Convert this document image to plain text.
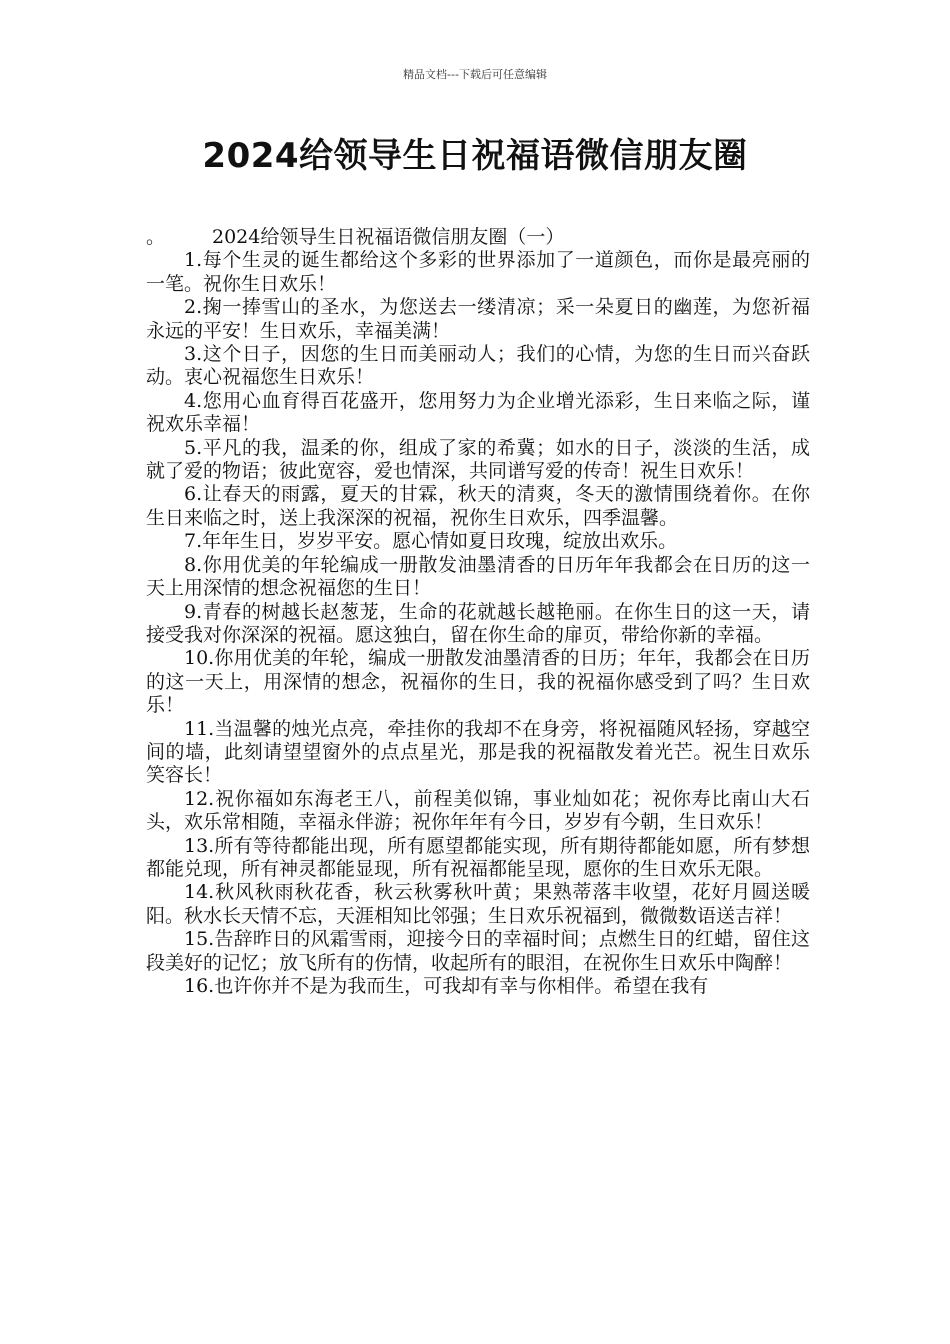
精品文档---下载后可任意编辑
2024给领导生日祝福语微信朋友圈

。 2024给领导生日祝福语微信朋友圈（一）

1.每个生灵的诞生都给这个多彩的世界添加了一道颜色，而你是最亮丽的一笔。祝你生日欢乐！

2.掬一捧雪山的圣水，为您送去一缕清凉；采一朵夏日的幽莲，为您祈福永远的平安！生日欢乐，幸福美满！

3.这个日子，因您的生日而美丽动人；我们的心情，为您的生日而兴奋跃动。衷心祝福您生日欢乐！

4.您用心血育得百花盛开，您用努力为企业增光添彩，生日来临之际，谨祝欢乐幸福！

5.平凡的我，温柔的你，组成了家的希冀；如水的日子，淡淡的生活，成就了爱的物语；彼此宽容，爱也情深，共同谱写爱的传奇！祝生日欢乐！

6.让春天的雨露，夏天的甘霖，秋天的清爽，冬天的激情围绕着你。在你生日来临之时，送上我深深的祝福，祝你生日欢乐，四季温馨。

7.年年生日，岁岁平安。愿心情如夏日玫瑰，绽放出欢乐。

8.你用优美的年轮编成一册散发油墨清香的日历年年我都会在日历的这一天上用深情的想念祝福您的生日！

9.青春的树越长赵葱茏，生命的花就越长越艳丽。在你生日的这一天，请接受我对你深深的祝福。愿这独白，留在你生命的扉页，带给你新的幸福。

10.你用优美的年轮，编成一册散发油墨清香的日历；年年，我都会在日历的这一天上，用深情的想念，祝福你的生日，我的祝福你感受到了吗？生日欢乐！

11.当温馨的烛光点亮，牵挂你的我却不在身旁，将祝福随风轻扬，穿越空间的墙，此刻请望望窗外的点点星光，那是我的祝福散发着光芒。祝生日欢乐笑容长！

12.祝你福如东海老王八，前程美似锦，事业灿如花；祝你寿比南山大石头，欢乐常相随，幸福永伴游；祝你年年有今日，岁岁有今朝，生日欢乐！

13.所有等待都能出现，所有愿望都能实现，所有期待都能如愿，所有梦想都能兑现，所有神灵都能显现，所有祝福都能呈现，愿你的生日欢乐无限。

14.秋风秋雨秋花香，秋云秋雾秋叶黄；果熟蒂落丰收望，花好月圆送暖阳。秋水长天情不忘，天涯相知比邻强；生日欢乐祝福到，微微数语送吉祥！

15.告辞昨日的风霜雪雨，迎接今日的幸福时间；点燃生日的红蜡，留住这段美好的记忆；放飞所有的伤情，收起所有的眼泪，在祝你生日欢乐中陶醉！

16.也许你并不是为我而生，可我却有幸与你相伴。希望在我有
